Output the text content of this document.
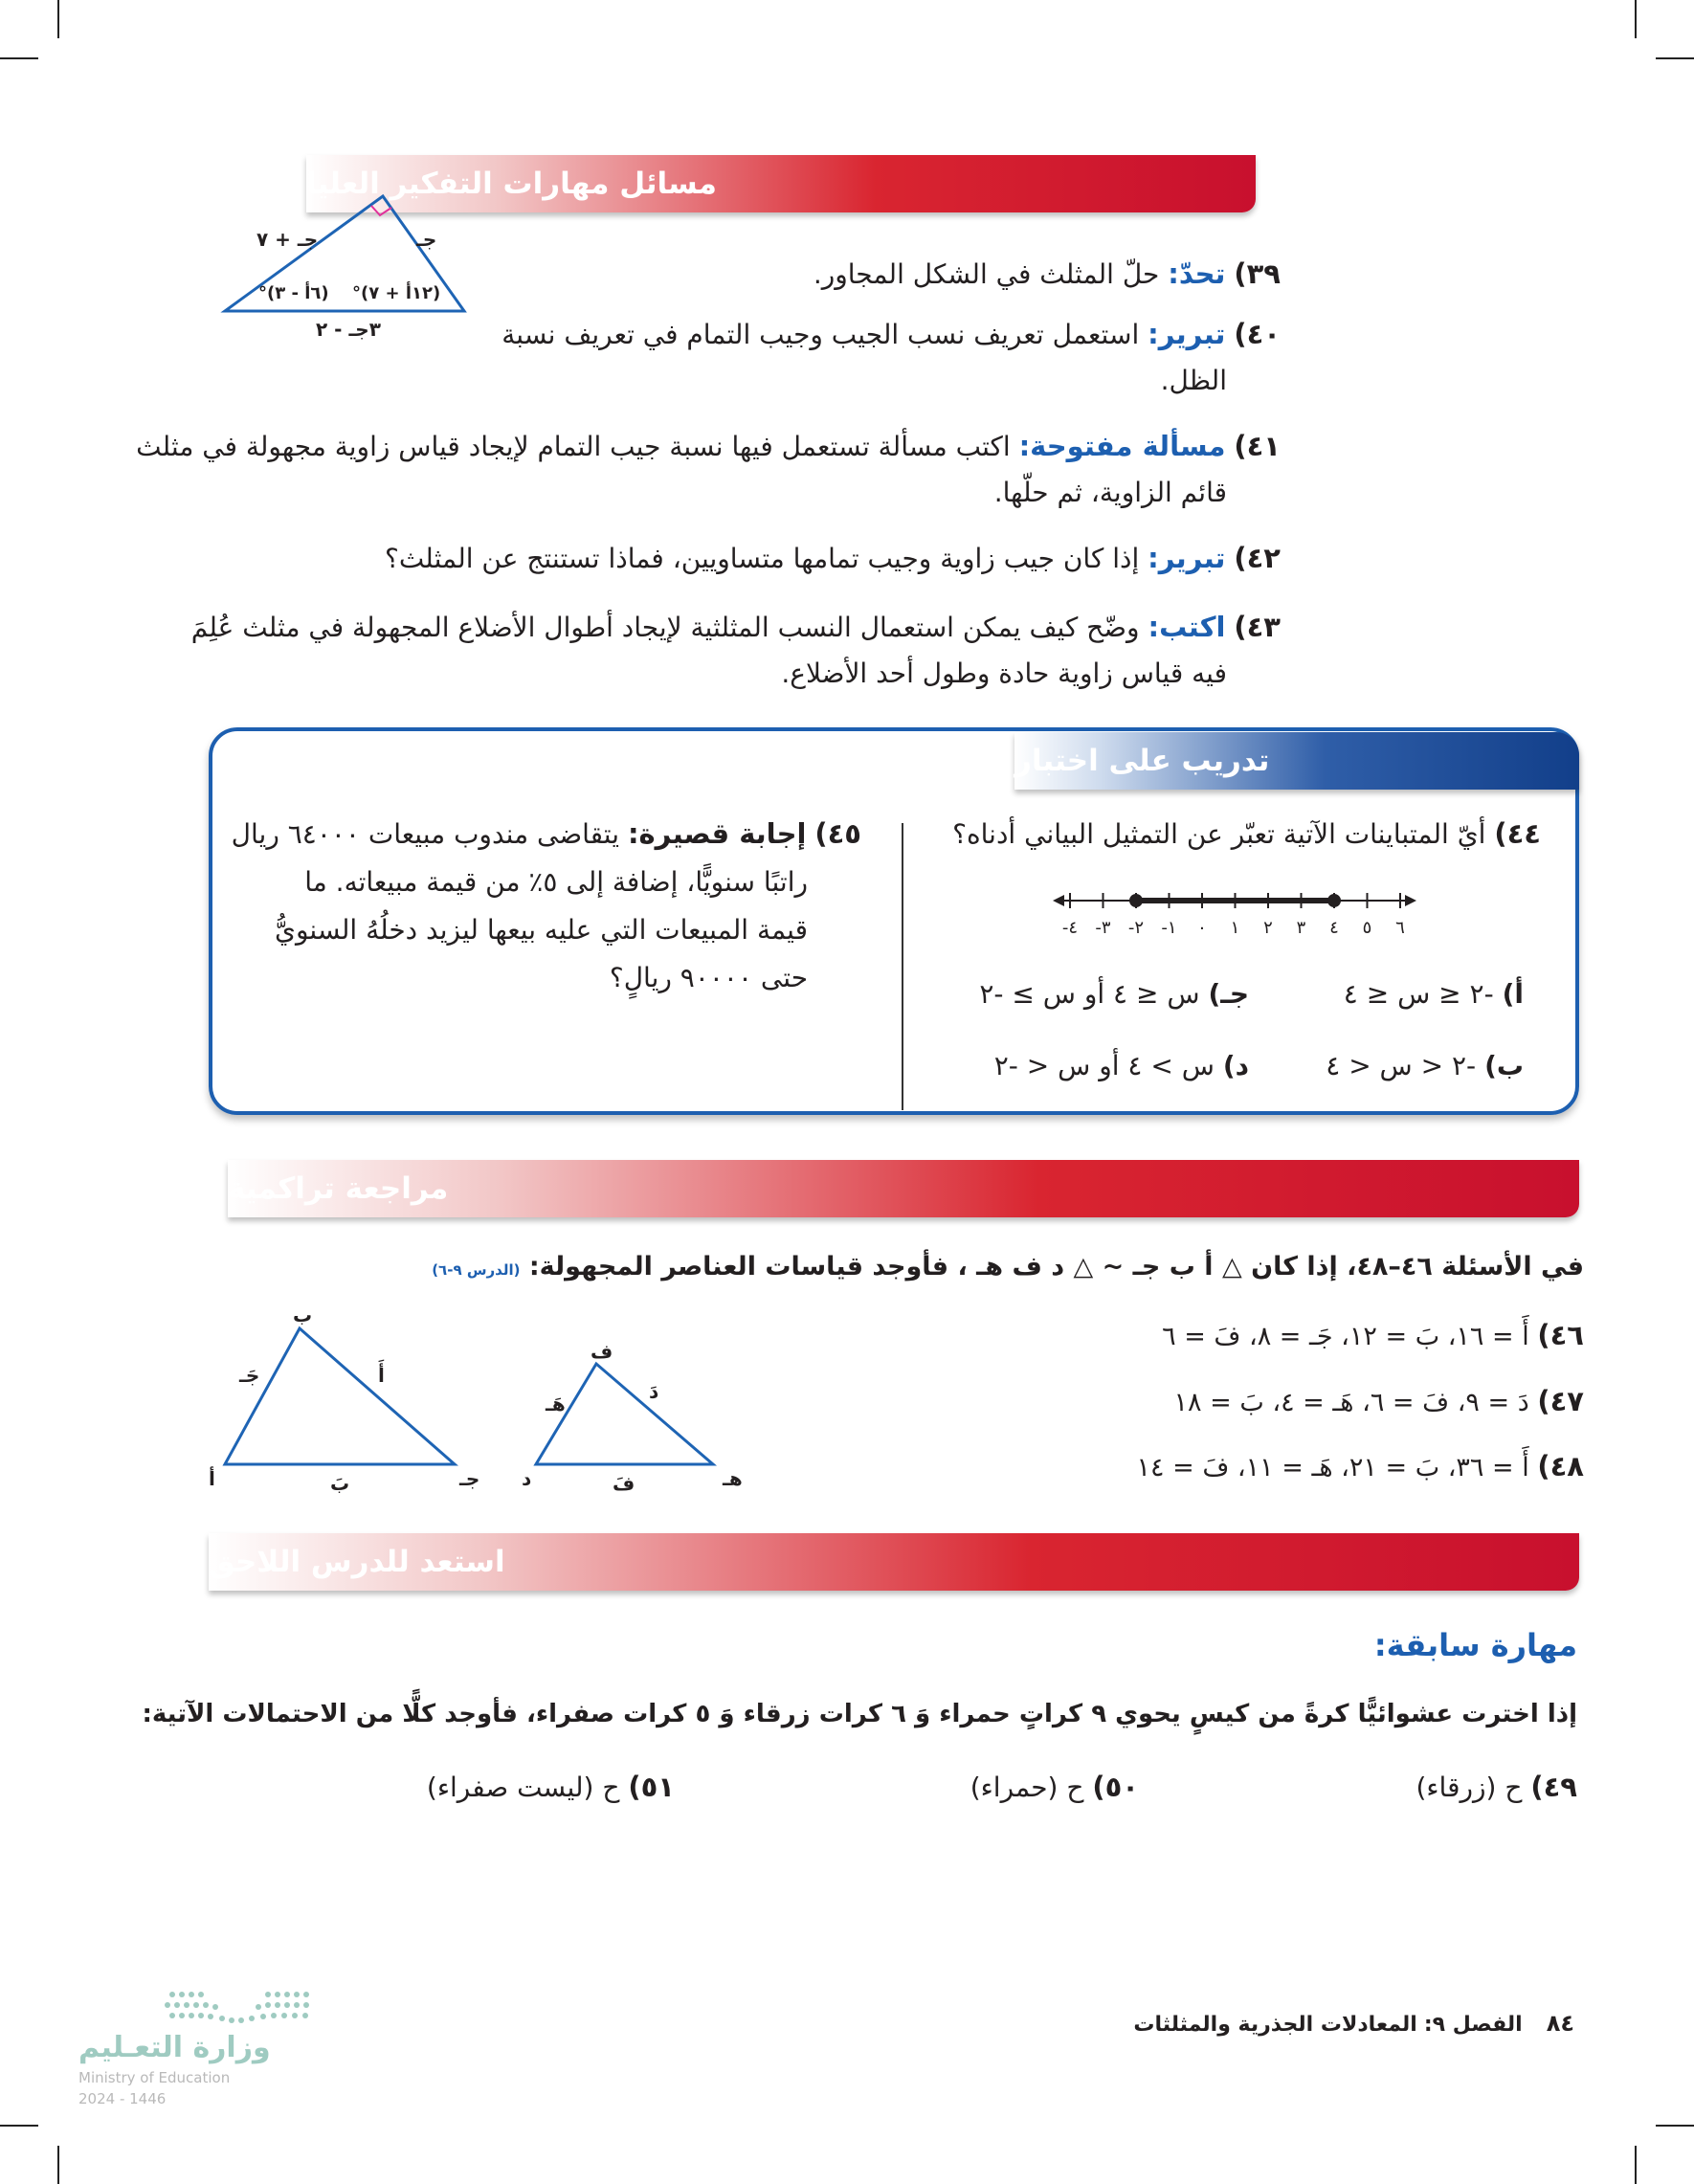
مسائل مهارات التفكير العليا
جـ
جـ + ٧
(١٢أ + ٧)°
(٦أ - ٣)°
٣جـ - ٢
٣٩) تحدّ: حلّ المثلث في الشكل المجاور.
٤٠) تبرير: استعمل تعريف نسب الجيب وجيب التمام في تعريف نسبة
الظل.
٤١) مسألة مفتوحة: اكتب مسألة تستعمل فيها نسبة جيب التمام لإيجاد قياس زاوية مجهولة في مثلث
قائم الزاوية، ثم حلّها.
٤٢) تبرير: إذا كان جيب زاوية وجيب تمامها متساويين، فماذا تستنتج عن المثلث؟
٤٣) اكتب: وضّح كيف يمكن استعمال النسب المثلثية لإيجاد أطوال الأضلاع المجهولة في مثلث عُلِمَ
فيه قياس زاوية حادة وطول أحد الأضلاع.
تدريب على اختبار
٤٤) أيّ المتباينات الآتية تعبّر عن التمثيل البياني أدناه؟
-٤ -٣ -٢ -١ ٠ ١ ٢ ٣ ٤ ٥ ٦
أ) -٢ ≤ س ≤ ٤
جـ) س ≤ ٤ أو س ≥ -٢
ب) -٢ < س < ٤
د) س > ٤ أو س < -٢
٤٥) إجابة قصيرة: يتقاضى مندوب مبيعات ٦٤٠٠٠ ريال
راتبًا سنويًّا، إضافة إلى ٥٪ من قيمة مبيعاته. ما
قيمة المبيعات التي عليه بيعها ليزيد دخلُهُ السنويُّ
حتى ٩٠٠٠٠ ريالٍ؟
مراجعة تراكمية
في الأسئلة ٤٦–٤٨، إذا كان △ أ ب جـ ~ △ د ف هـ ، فأوجد قياسات العناصر المجهولة: (الدرس ٩-٦)
٤٦) أَ = ١٦، بَ = ١٢، جَـ = ٨، فَ = ٦
٤٧) دَ = ٩، فَ = ٦، هَـ = ٤، بَ = ١٨
٤٨) أَ = ٣٦، بَ = ٢١، هَـ = ١١، فَ = ١٤
ب
أ	جـ
أَ
جَـ
بَ
ف
د	هـ
دَ
هَـ
فَ
استعد للدرس اللاحق
مهارة سابقة:
إذا اخترت عشوائيًّا كرةً من كيسٍ يحوي ٩ كراتٍ حمراء وَ ٦ كرات زرقاء وَ ٥ كرات صفراء، فأوجد كلًّا من الاحتمالات الآتية:
٤٩) ح (زرقاء)
٥٠) ح (حمراء)
٥١) ح (ليست صفراء)
٨٤ الفصل ٩: المعادلات الجذرية والمثلثات
وزارة التعـليم
Ministry of Education
2024 - 1446
